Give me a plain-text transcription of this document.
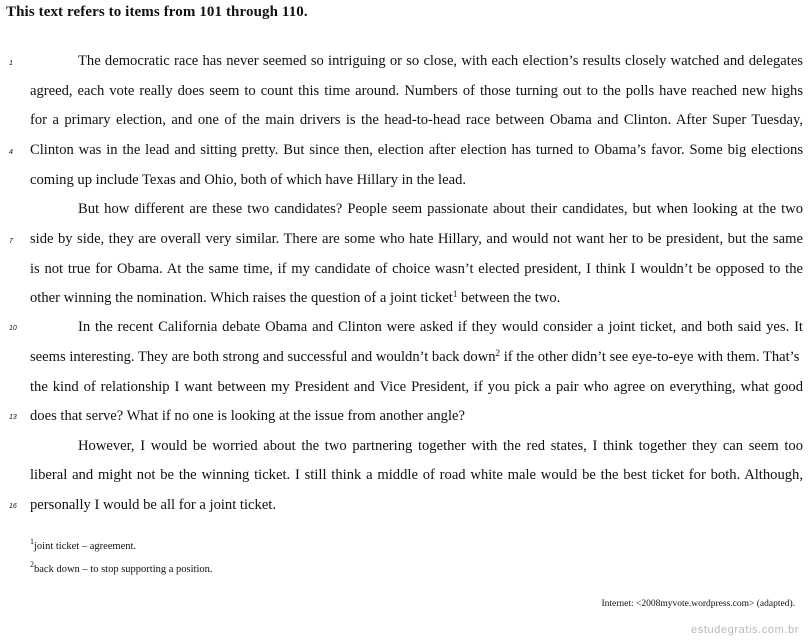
This text refers to items from 101 through 110.
1
4
7
10
13
16
The democratic race has never seemed so intriguing or so close, with each election’s results closely watched and delegates
agreed, each vote really does seem to count this time around. Numbers of those turning out to the polls have reached new highs
for a primary election, and one of the main drivers is the head-to-head race between Obama and Clinton. After Super Tuesday,
Clinton was in the lead and sitting pretty. But since then, election after election has turned to Obama’s favor. Some big elections
coming up include Texas and Ohio, both of which have Hillary in the lead.
But how different are these two candidates? People seem passionate about their candidates, but when looking at the two
side by side, they are overall very similar. There are some who hate Hillary, and would not want her to be president, but the same
is not true for Obama. At the same time, if my candidate of choice wasn’t elected president, I think I wouldn’t be opposed to the
other winning the nomination. Which raises the question of a joint ticket$^1$ between the two.
In the recent California debate Obama and Clinton were asked if they would consider a joint ticket, and both said yes. It
seems interesting. They are both strong and successful and wouldn’t back down$^2$ if the other didn’t see eye-to-eye with them. That’s
the kind of relationship I want between my President and Vice President, if you pick a pair who agree on everything, what good
does that serve? What if no one is looking at the issue from another angle?
However, I would be worried about the two partnering together with the red states, I think together they can seem too
liberal and might not be the winning ticket. I still think a middle of road white male would be the best ticket for both. Although,
personally I would be all for a joint ticket.
$^1$joint ticket – agreement.
$^2$back down – to stop supporting a position.
Internet: <2008myvote.wordpress.com> (adapted).
estudegratis.com.br
